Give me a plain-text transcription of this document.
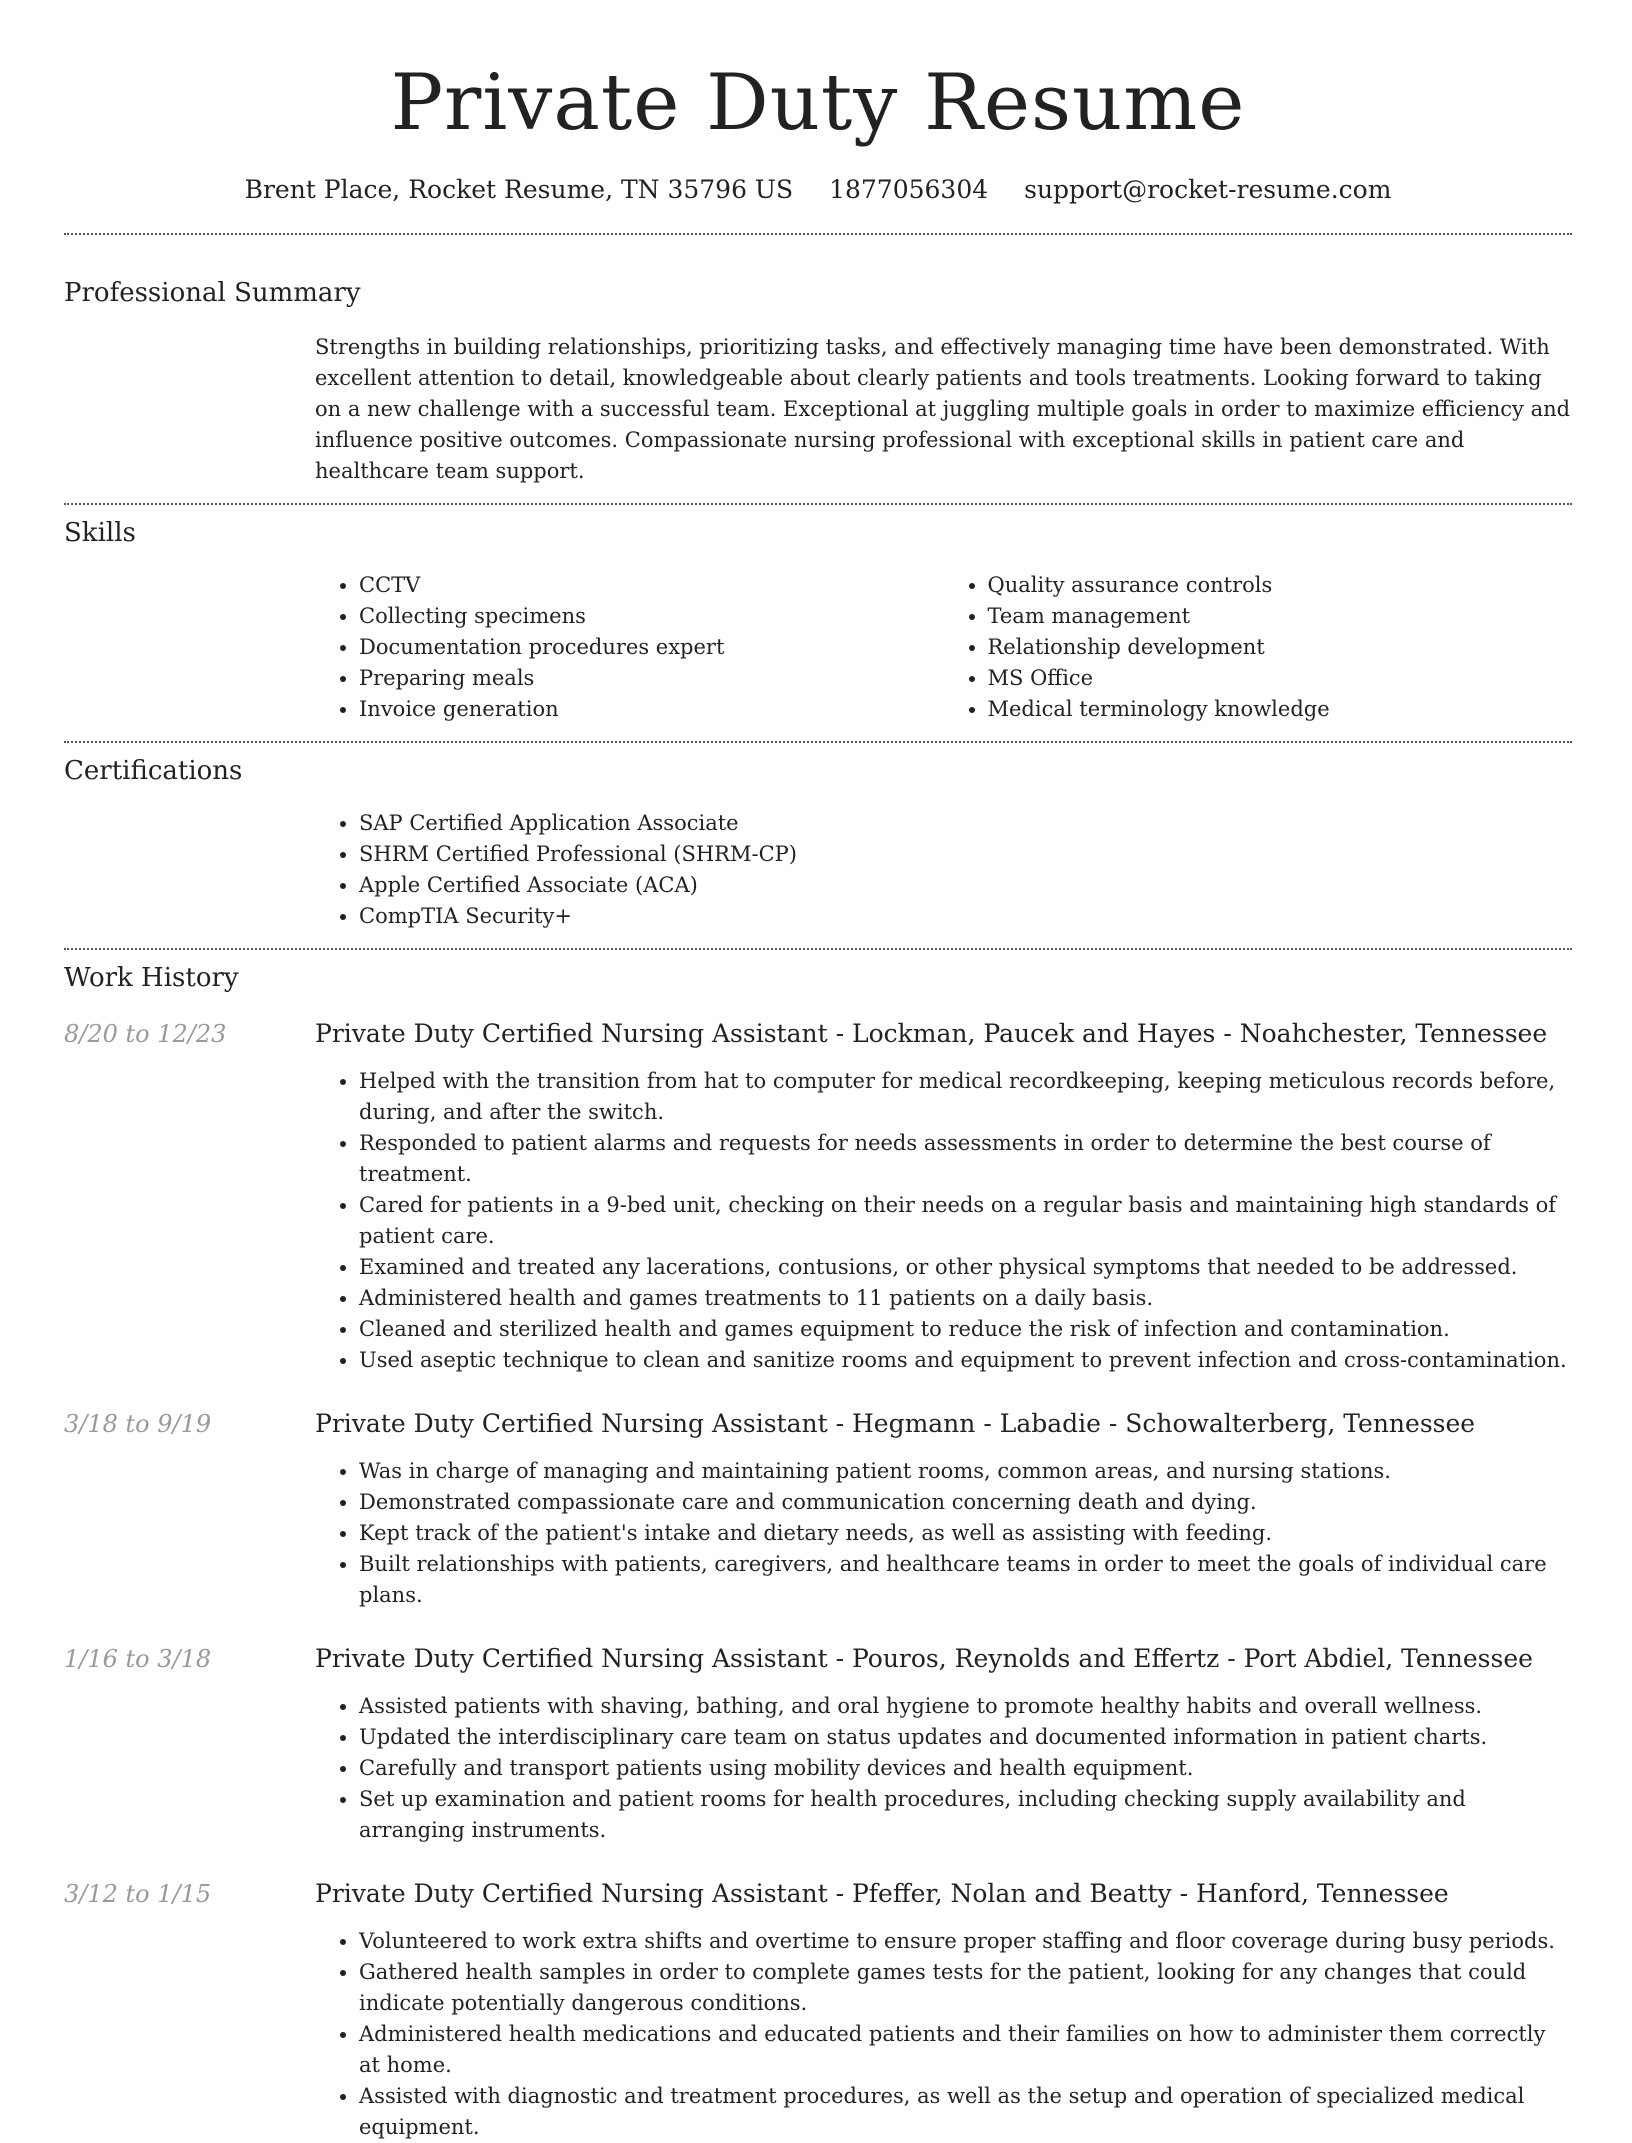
Private Duty Resume
Brent Place, Rocket Resume, TN 35796 US 1877056304 support@rocket-resume.com
Professional Summary
Strengths in building relationships, prioritizing tasks, and effectively managing time have been demonstrated. With excellent attention to detail, knowledgeable about clearly patients and tools treatments. Looking forward to taking on a new challenge with a successful team. Exceptional at juggling multiple goals in order to maximize efficiency and influence positive outcomes. Compassionate nursing professional with exceptional skills in patient care and healthcare team support.
Skills
• CCTV
• Collecting specimens
• Documentation procedures expert
• Preparing meals
• Invoice generation
• Quality assurance controls
• Team management
• Relationship development
• MS Office
• Medical terminology knowledge
Certifications
• SAP Certified Application Associate
• SHRM Certified Professional (SHRM-CP)
• Apple Certified Associate (ACA)
• CompTIA Security+
Work History
8/20 to 12/23	Private Duty Certified Nursing Assistant - Lockman, Paucek and Hayes - Noahchester, Tennessee
• Helped with the transition from hat to computer for medical recordkeeping, keeping meticulous records before, during, and after the switch.
• Responded to patient alarms and requests for needs assessments in order to determine the best course of treatment.
• Cared for patients in a 9-bed unit, checking on their needs on a regular basis and maintaining high standards of patient care.
• Examined and treated any lacerations, contusions, or other physical symptoms that needed to be addressed.
• Administered health and games treatments to 11 patients on a daily basis.
• Cleaned and sterilized health and games equipment to reduce the risk of infection and contamination.
• Used aseptic technique to clean and sanitize rooms and equipment to prevent infection and cross-contamination.
3/18 to 9/19	Private Duty Certified Nursing Assistant - Hegmann - Labadie - Schowalterberg, Tennessee
• Was in charge of managing and maintaining patient rooms, common areas, and nursing stations.
• Demonstrated compassionate care and communication concerning death and dying.
• Kept track of the patient's intake and dietary needs, as well as assisting with feeding.
• Built relationships with patients, caregivers, and healthcare teams in order to meet the goals of individual care plans.
1/16 to 3/18	Private Duty Certified Nursing Assistant - Pouros, Reynolds and Effertz - Port Abdiel, Tennessee
• Assisted patients with shaving, bathing, and oral hygiene to promote healthy habits and overall wellness.
• Updated the interdisciplinary care team on status updates and documented information in patient charts.
• Carefully and transport patients using mobility devices and health equipment.
• Set up examination and patient rooms for health procedures, including checking supply availability and arranging instruments.
3/12 to 1/15	Private Duty Certified Nursing Assistant - Pfeffer, Nolan and Beatty - Hanford, Tennessee
• Volunteered to work extra shifts and overtime to ensure proper staffing and floor coverage during busy periods.
• Gathered health samples in order to complete games tests for the patient, looking for any changes that could indicate potentially dangerous conditions.
• Administered health medications and educated patients and their families on how to administer them correctly at home.
• Assisted with diagnostic and treatment procedures, as well as the setup and operation of specialized medical equipment.
